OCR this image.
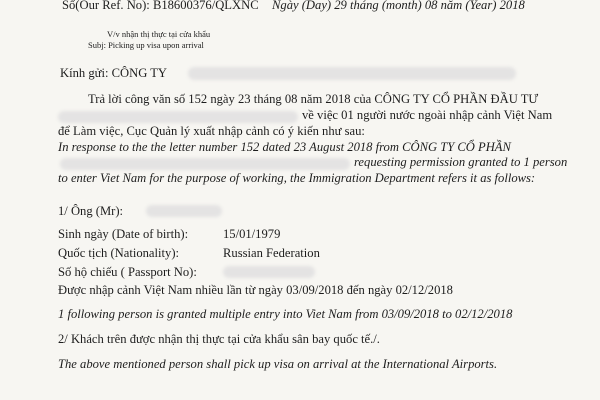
Số(Our Ref. No): B18600376/QLXNC Ngày (Day) 29 tháng (month) 08 năm (Year) 2018
V/v nhận thị thực tại cửa khẩu
Subj: Picking up visa upon arrival
Kính gửi: CÔNG TY
Trả lời công văn số 152 ngày 23 tháng 08 năm 2018 của CÔNG TY CỔ PHẦN ĐẦU TƯ
về việc 01 người nước ngoài nhập cảnh Việt Nam
để Làm việc, Cục Quản lý xuất nhập cảnh có ý kiến như sau:
In response to the the letter number 152 dated 23 August 2018 from CÔNG TY CỔ PHẦN
requesting permission granted to 1 person
to enter Viet Nam for the purpose of working, the Immigration Department refers it as follows:
1/ Ông (Mr):
Sinh ngày (Date of birth):	15/01/1979
Quốc tịch (Nationality):	Russian Federation
Số hộ chiếu ( Passport No):
Được nhập cảnh Việt Nam nhiều lần từ ngày 03/09/2018 đến ngày 02/12/2018
1 following person is granted multiple entry into Viet Nam from 03/09/2018 to 02/12/2018
2/ Khách trên được nhận thị thực tại cửa khẩu sân bay quốc tế./.
The above mentioned person shall pick up visa on arrival at the International Airports.
